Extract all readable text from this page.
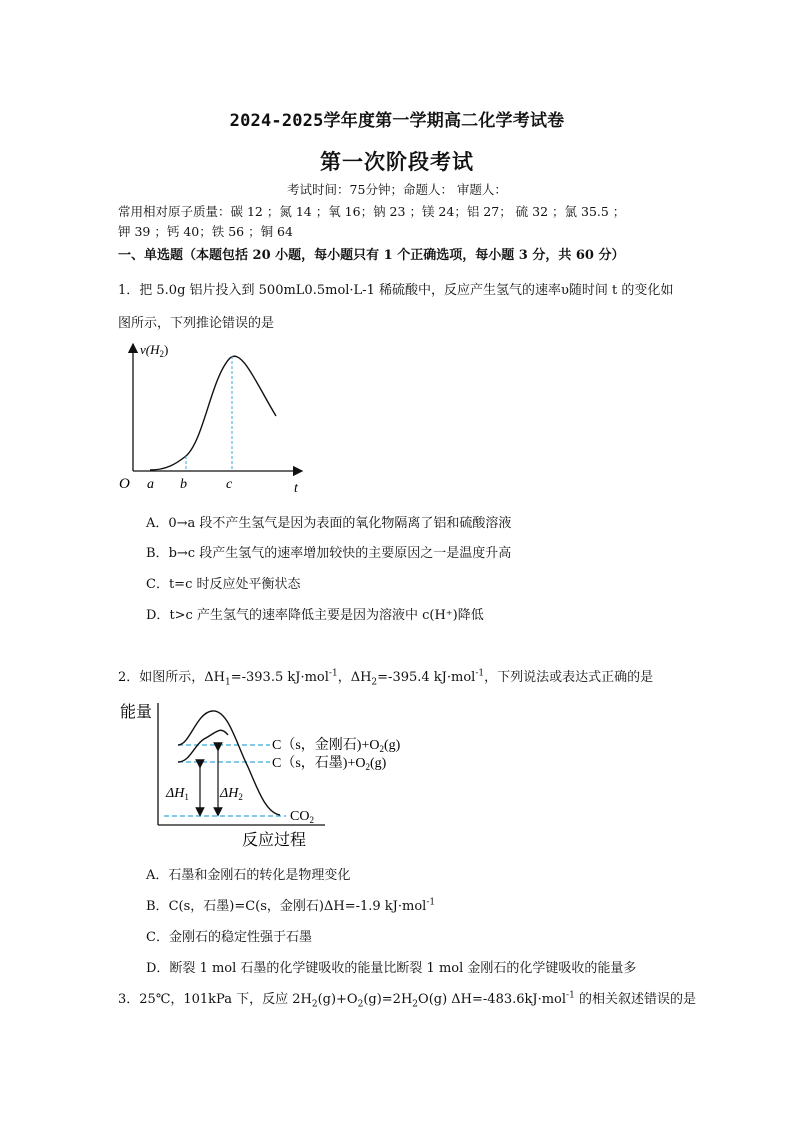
2024-2025学年度第一学期高二化学考试卷
第一次阶段考试
考试时间：75分钟；命题人： 审题人：
常用相对原子质量：碳 12 ；氮 14 ；氧 16；钠 23 ；镁 24；铝 27； 硫 32 ；氯 35.5 ；
钾 39 ；钙 40；铁 56 ；铜 64
一、单选题（本题包括 20 小题，每小题只有 1 个正确选项，每小题 3 分，共 60 分）
1．把 5.0g 铝片投入到 500mL0.5mol·L-1 稀硫酸中，反应产生氢气的速率υ随时间 t 的变化如
图所示，下列推论错误的是
$v(H_2)$
O a b	c	t
A．0→a 段不产生氢气是因为表面的氧化物隔离了铝和硫酸溶液
B．b→c 段产生氢气的速率增加较快的主要原因之一是温度升高
C．t=c 时反应处平衡状态
D．t>c 产生氢气的速率降低主要是因为溶液中 c(H⁺)降低
2．如图所示，$\Delta H_1=-393.5$ kJ·mol$^{-1}$，$\Delta H_2=-395.4$ kJ·mol$^{-1}$，下列说法或表达式正确的是
能量
反应过程
$\Delta H_1$ $\Delta H_2$
C（s，金刚石)$+O_2(g)$
C（s，石墨)$+O_2(g)$
$CO_2$
A．石墨和金刚石的转化是物理变化
B．C(s，石墨)=C(s，金刚石)ΔH=-1.9 kJ·mol$^{-1}$
C．金刚石的稳定性强于石墨
D．断裂 1 mol 石墨的化学键吸收的能量比断裂 1 mol 金刚石的化学键吸收的能量多
3．25℃，101kPa 下，反应 $2H_2(g)+O_2(g)=2H_2O(g)$ ΔH=-483.6kJ·mol$^{-1}$ 的相关叙述错误的是
